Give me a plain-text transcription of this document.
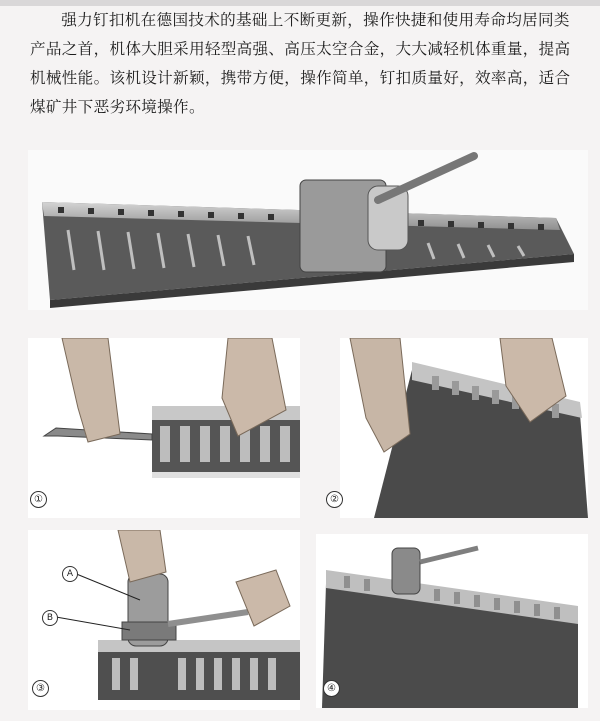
强力钉扣机在德国技术的基础上不断更新，操作快捷和使用寿命均居同类产品之首，机体大胆采用轻型高强、高压太空合金，大大减轻机体重量，提高机械性能。该机设计新颖，携带方便，操作简单，钉扣质量好，效率高，适合煤矿井下恶劣环境操作。

A
B
①	②
③	④
